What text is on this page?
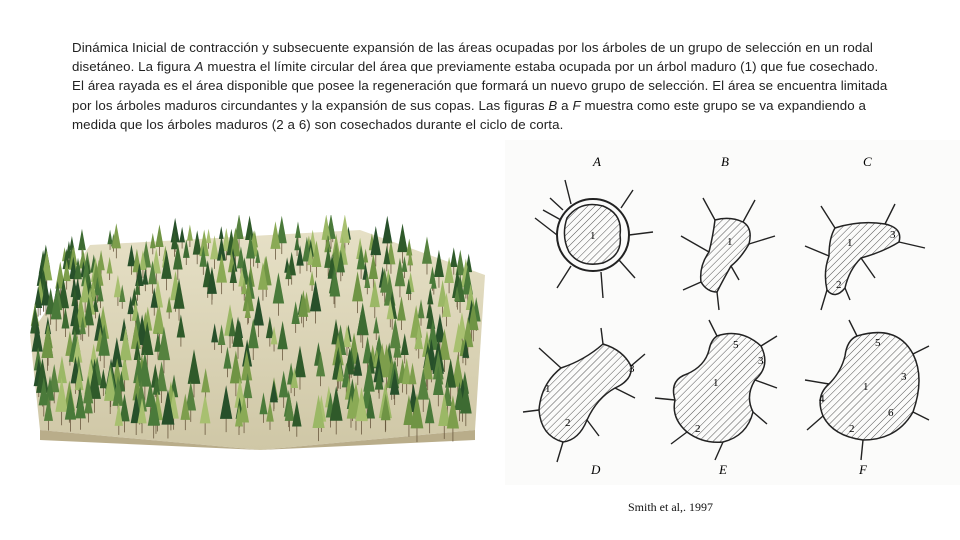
Dinámica Inicial de contracción y subsecuente expansión de las áreas ocupadas por los árboles de un grupo de selección en un rodal disetáneo. La figura A muestra el límite circular del área que previamente estaba ocupada por un árbol maduro (1) que fue cosechado. El área rayada es el área disponible que posee la regeneración que formará un nuevo grupo de selección. El área se encuentra limitada por los árboles maduros circundantes y la expansión de sus copas. Las figuras B a F muestra como este grupo se va expandiendo a medida que los árboles maduros (2 a 6) son cosechados durante el ciclo de corta.

A
1
B
1
C
1
2
3
D
1
2
3
E
1
2
3
5
F
1
2
3
4
5
6
Smith et al,. 1997
